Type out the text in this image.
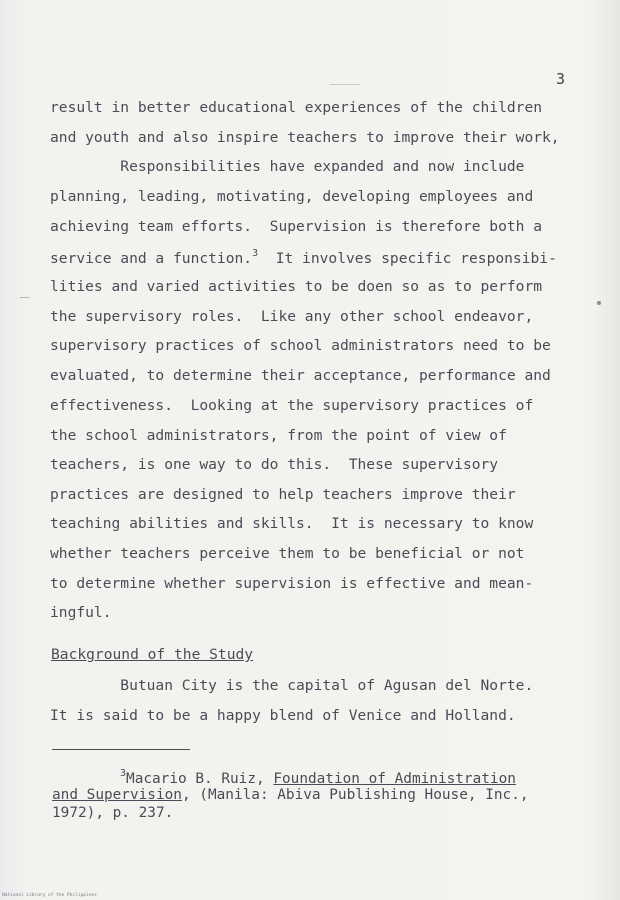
3
result in better educational experiences of the children
and youth and also inspire teachers to improve their work,
Responsibilities have expanded and now include
planning, leading, motivating, developing employees and
achieving team efforts.  Supervision is therefore both a
service and a function.$^3$  It involves specific responsibi-
lities and varied activities to be doen so as to perform
the supervisory roles.  Like any other school endeavor,
supervisory practices of school administrators need to be
evaluated, to determine their acceptance, performance and
effectiveness.  Looking at the supervisory practices of
the school administrators, from the point of view of
teachers, is one way to do this.  These supervisory
practices are designed to help teachers improve their
teaching abilities and skills.  It is necessary to know
whether teachers perceive them to be beneficial or not
to determine whether supervision is effective and mean-
ingful.
Background of the Study
Butuan City is the capital of Agusan del Norte.
It is said to be a happy blend of Venice and Holland.
$^3$Macario B. Ruiz, Foundation of Administration
and Supervision, (Manila: Abiva Publishing House, Inc.,
1972), p. 237.
National Library of the Philippines
